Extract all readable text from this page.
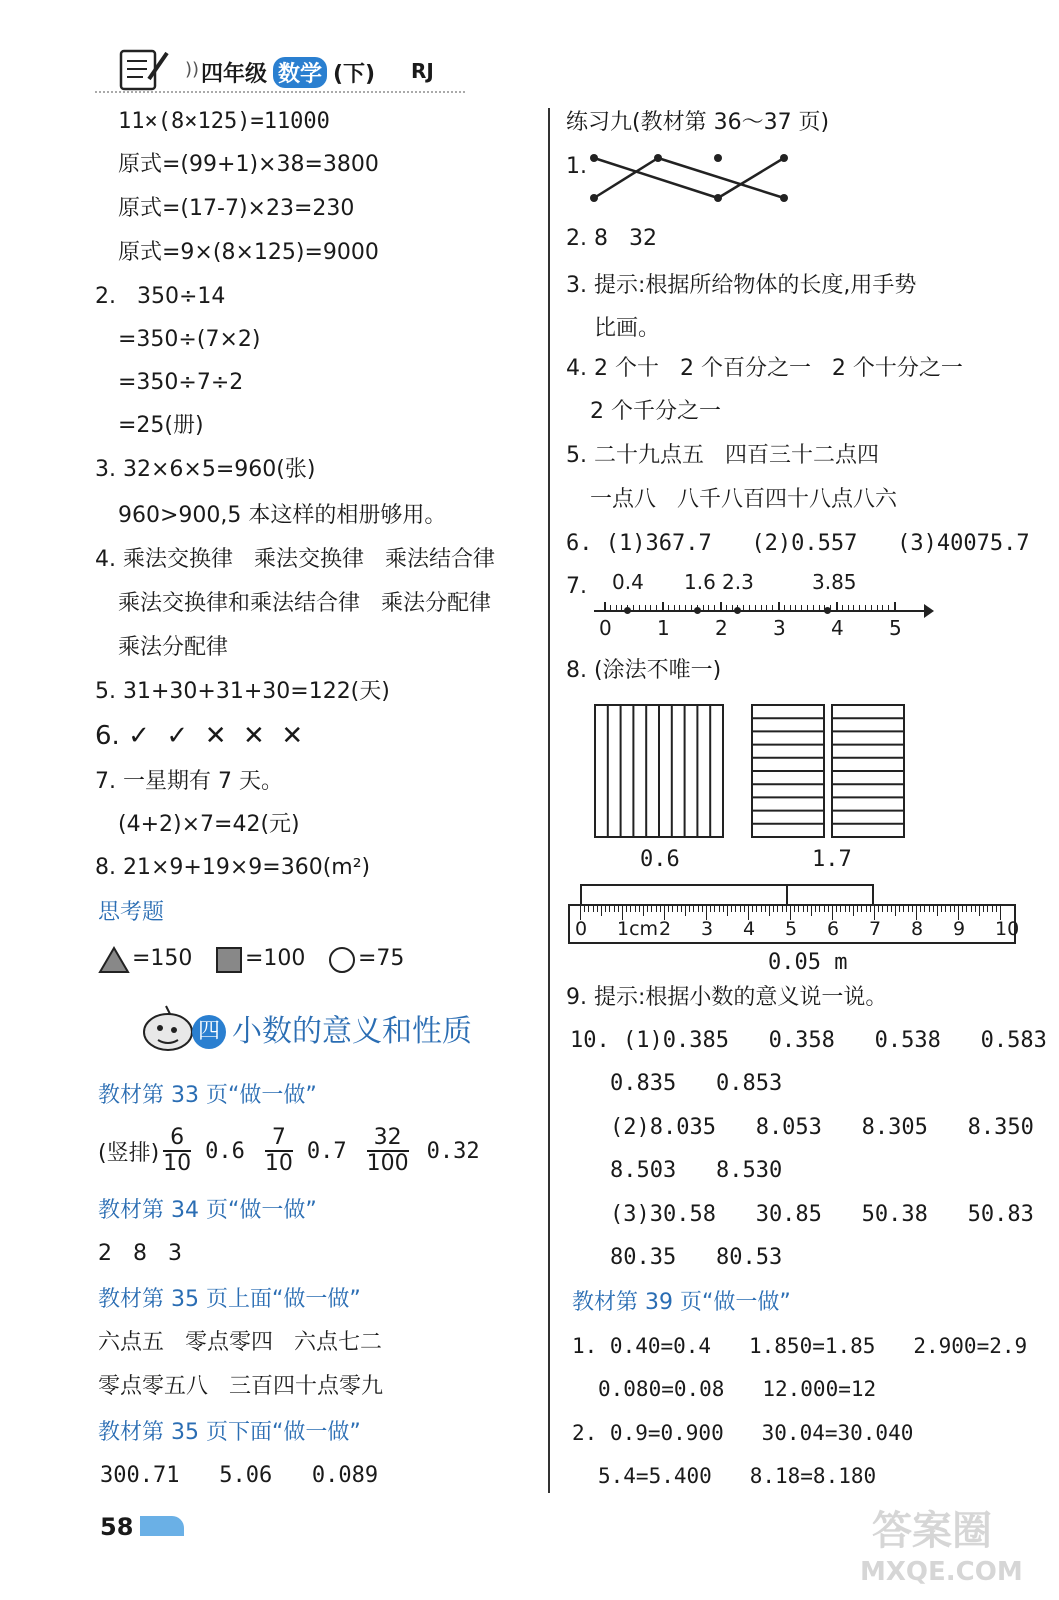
)) 四年级 数学 (下) RJ
11×(8×125)=11000
原式=(99+1)×38=3800
原式=(17-7)×23=230
原式=9×(8×125)=9000
2.   350÷14
=350÷(7×2)
=350÷7÷2
=25(册)
3. 32×6×5=960(张)
960>900,5 本这样的相册够用。
4. 乘法交换律   乘法交换律   乘法结合律
乘法交换律和乘法结合律   乘法分配律
乘法分配律
5. 31+30+31+30=122(天)
6. ✓  ✓  ✕  ✕  ✕
7. 一星期有 7 天。
(4+2)×7=42(元)
8. 21×9+19×9=360(m²)
思考题
=150 =100 =75
四 小数的意义和性质
教材第 33 页“做一做”
(竖排) $\frac{6}{10} 0.6 \frac{7}{10} 0.7 \frac{32}{100} 0.32$
教材第 34 页“做一做”
2   8   3
教材第 35 页上面“做一做”
六点五   零点零四   六点七二
零点零五八   三百四十点零九
教材第 35 页下面“做一做”
300.71   5.06   0.089
58
练习九(教材第 36～37 页)
1.
2. 8   32
3. 提示:根据所给物体的长度,用手势
比画。
4. 2 个十   2 个百分之一   2 个十分之一
2 个千分之一
5. 二十九点五   四百三十二点四
一点八   八千八百四十八点八六
6. (1)367.7   (2)0.557   (3)40075.7
7. 0.4 1.6 2.3	3.85
0 1 2 3 4 5
8. (涂法不唯一)
0.6	1.7
0 1cm 2 3 4 5 6 7 8 9 10
0.05 m
9. 提示:根据小数的意义说一说。
10. (1)0.385   0.358   0.538   0.583
0.835   0.853
(2)8.035   8.053   8.305   8.350
8.503   8.530
(3)30.58   30.85   50.38   50.83
80.35   80.53
教材第 39 页“做一做”
1. 0.40=0.4   1.850=1.85   2.900=2.9
0.080=0.08   12.000=12
2. 0.9=0.900   30.04=30.040
5.4=5.400   8.18=8.180
答案圈
MXQE.COM
